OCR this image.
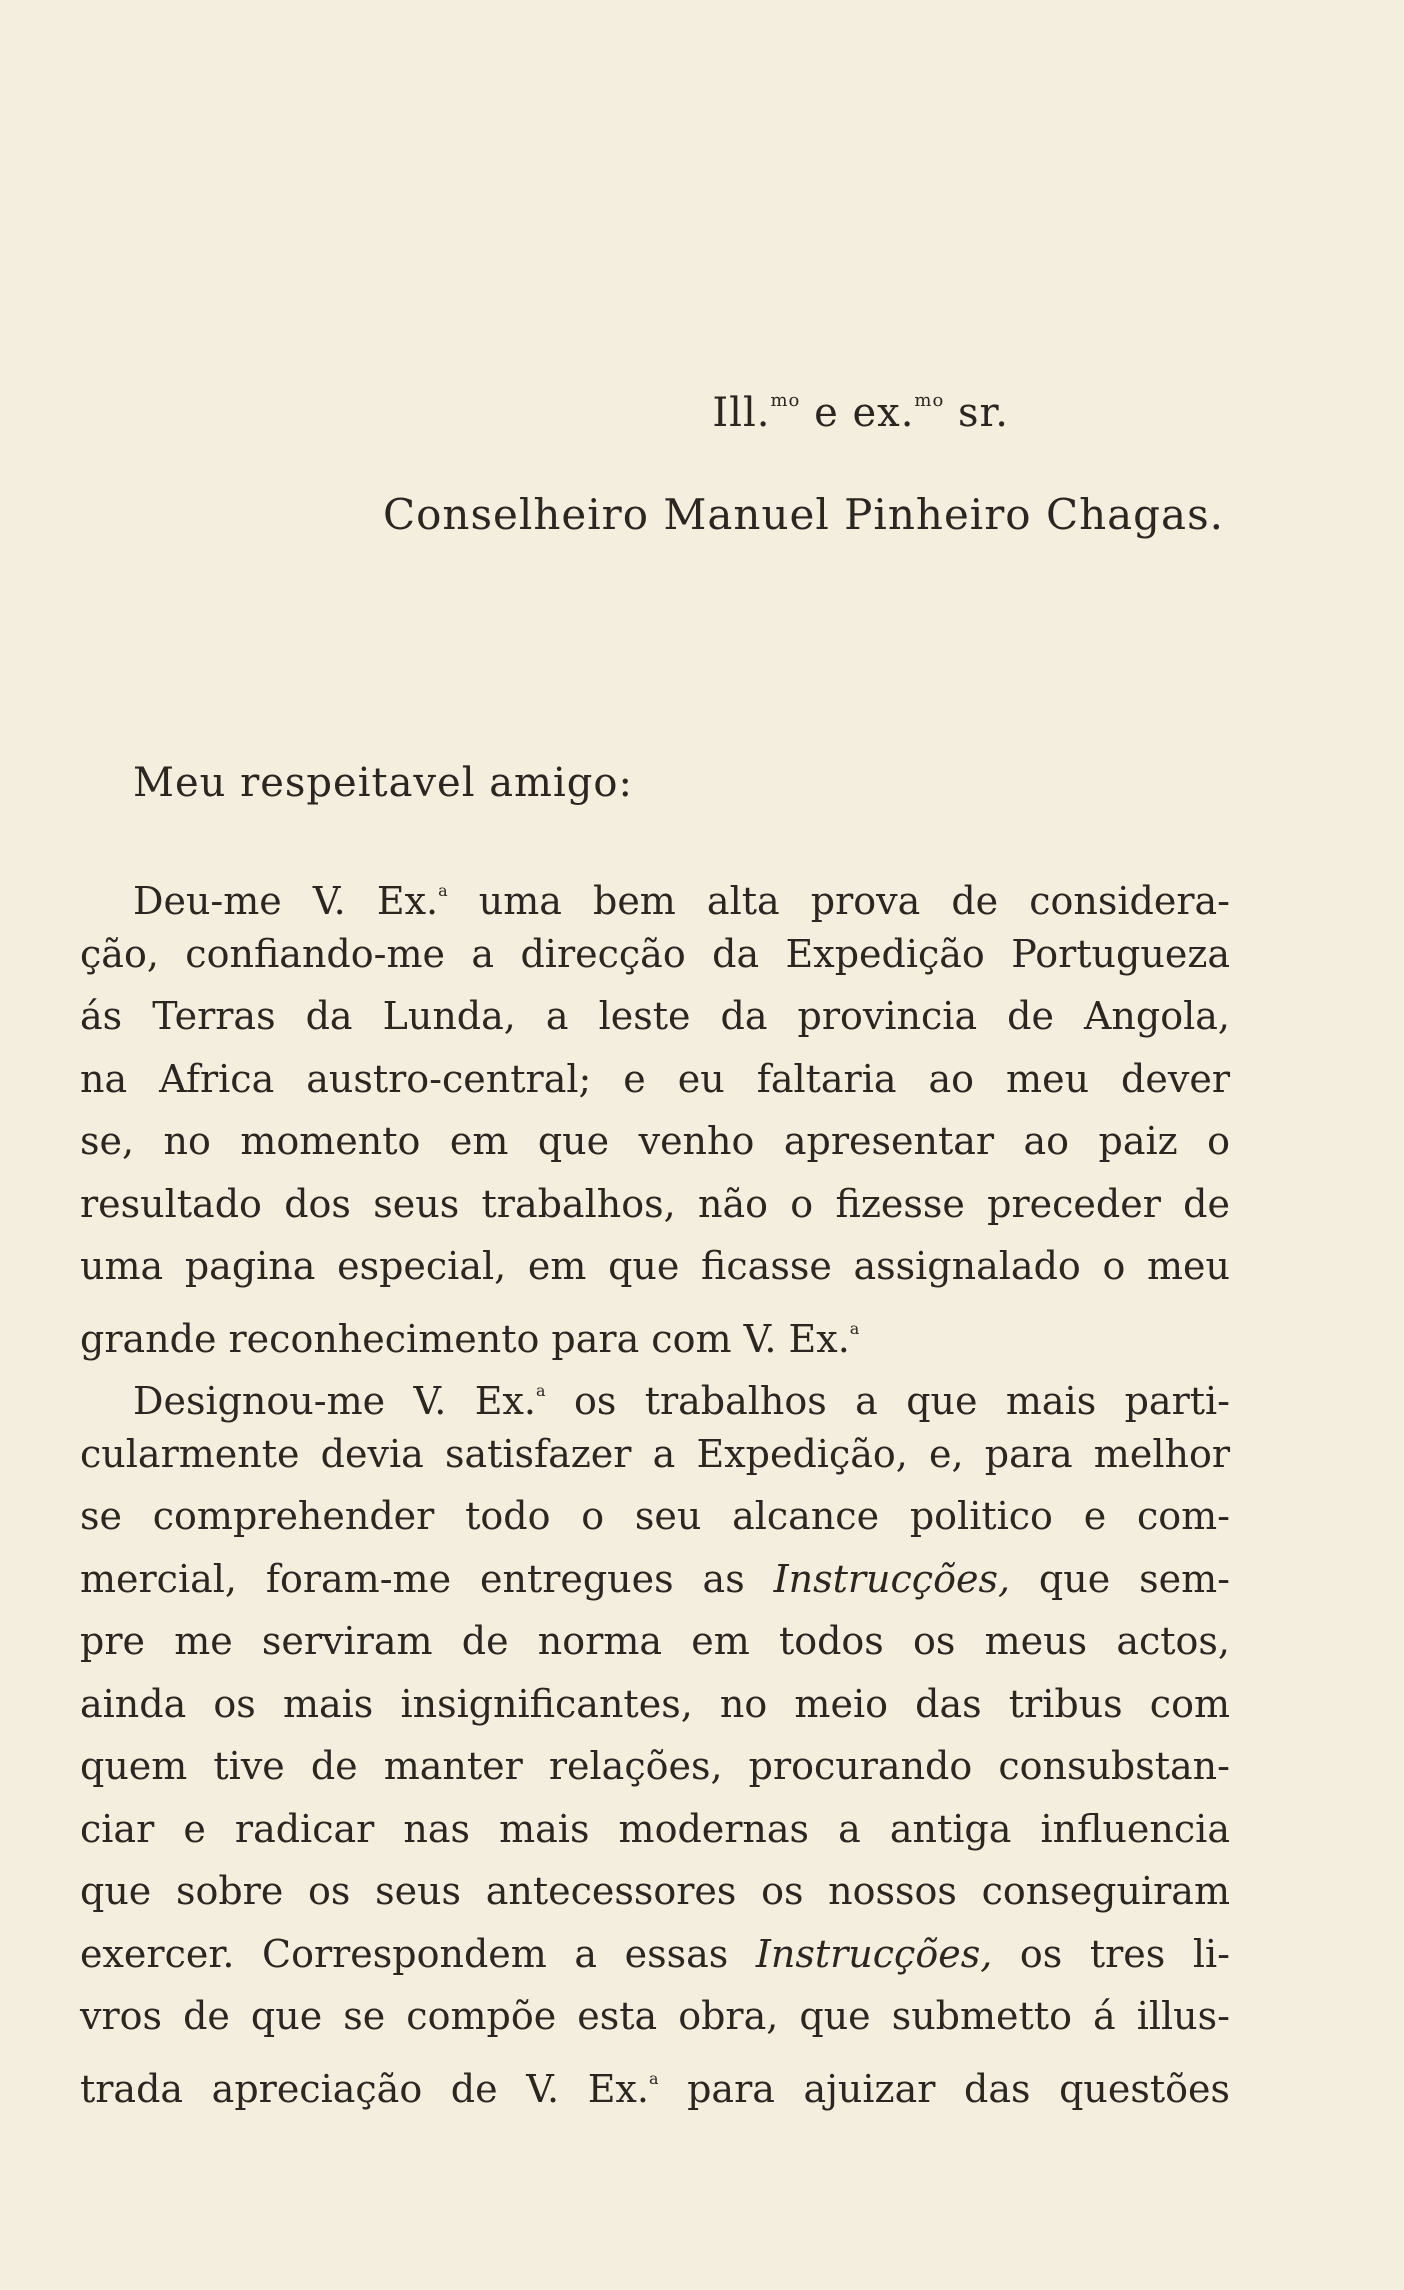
Ill.$^{mo}$ e ex.$^{mo}$ sr.
Conselheiro Manuel Pinheiro Chagas.
Meu respeitavel amigo:
Deu-me V. Ex.$^a$ uma bem alta prova de considera-
ção, confiando-me a direcção da Expedição Portugueza
ás Terras da Lunda, a leste da provincia de Angola,
na Africa austro-central; e eu faltaria ao meu dever
se, no momento em que venho apresentar ao paiz o
resultado dos seus trabalhos, não o fizesse preceder de
uma pagina especial, em que ficasse assignalado o meu
grande reconhecimento para com V. Ex.$^a$
Designou-me V. Ex.$^a$ os trabalhos a que mais parti-
cularmente devia satisfazer a Expedição, e, para melhor
se comprehender todo o seu alcance politico e com-
mercial, foram-me entregues as Instrucções, que sem-
pre me serviram de norma em todos os meus actos,
ainda os mais insignificantes, no meio das tribus com
quem tive de manter relações, procurando consubstan-
ciar e radicar nas mais modernas a antiga influencia
que sobre os seus antecessores os nossos conseguiram
exercer. Correspondem a essas Instrucções, os tres li-
vros de que se compõe esta obra, que submetto á illus-
trada apreciação de V. Ex.$^a$ para ajuizar das questões
